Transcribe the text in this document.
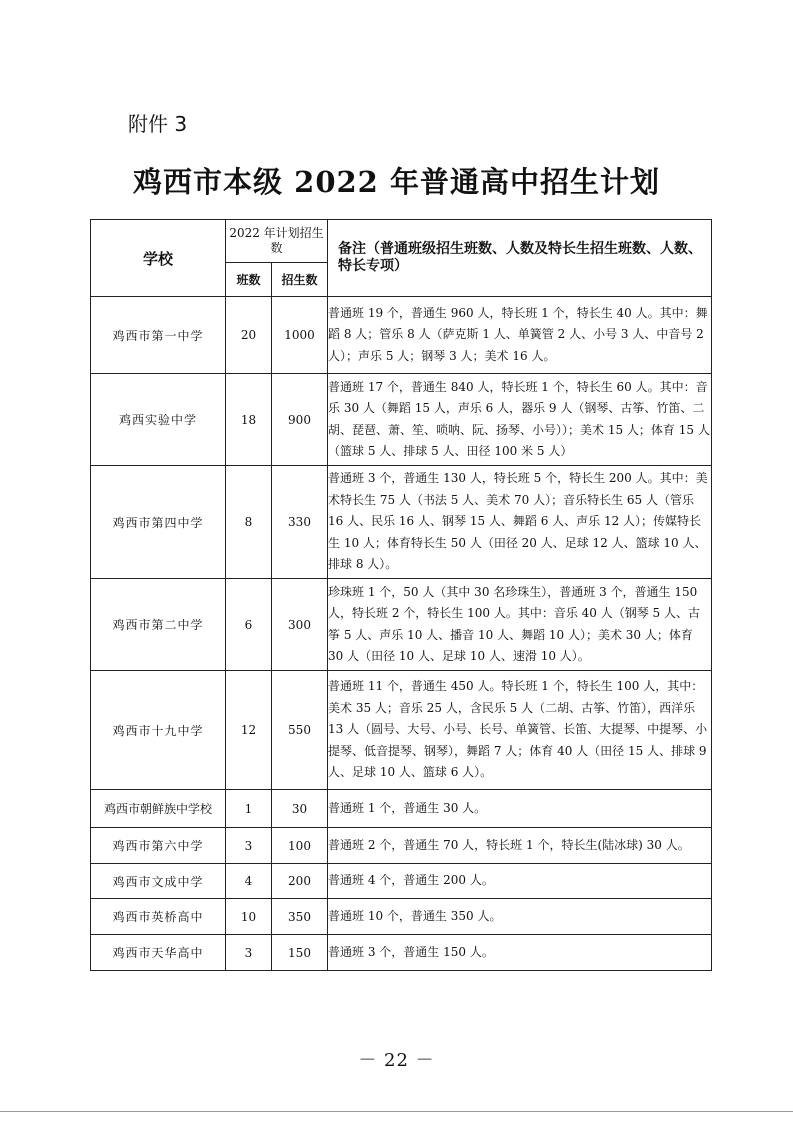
附件 3
鸡西市本级 2022 年普通高中招生计划
学校	2022 年计划招生数		备注（普通班级招生班数、人数及特长生招生班数、人数、特长专项）
	班数	招生数	
鸡西市第一中学	20	1000	普通班 19 个，普通生 960 人，特长班 1 个，特长生 40 人。其中：舞蹈 8 人；管乐 8 人（萨克斯 1 人、单簧管 2 人、小号 3 人、中音号 2 人）；声乐 5 人；钢琴 3 人；美术 16 人。
鸡西实验中学	18	900	普通班 17 个，普通生 840 人，特长班 1 个，特长生 60 人。其中：音乐 30 人（舞蹈 15 人，声乐 6 人，器乐 9 人（钢琴、古筝、竹笛、二胡、琵琶、萧、笙、唢呐、阮、扬琴、小号））；美术 15 人；体育 15 人（篮球 5 人、排球 5 人、田径 100 米 5 人）
鸡西市第四中学	8	330	普通班 3 个，普通生 130 人，特长班 5 个，特长生 200 人。其中：美术特长生 75 人（书法 5 人、美术 70 人）；音乐特长生 65 人（管乐 16 人、民乐 16 人、钢琴 15 人、舞蹈 6 人、声乐 12 人）；传媒特长生 10 人；体育特长生 50 人（田径 20 人、足球 12 人、篮球 10 人、排球 8 人）。
鸡西市第二中学	6	300	珍珠班 1 个，50 人（其中 30 名珍珠生），普通班 3 个，普通生 150 人，特长班 2 个，特长生 100 人。其中：音乐 40 人（钢琴 5 人、古筝 5 人、声乐 10 人、播音 10 人、舞蹈 10 人）；美术 30 人；体育 30 人（田径 10 人、足球 10 人、速滑 10 人）。
鸡西市十九中学	12	550	普通班 11 个，普通生 450 人。特长班 1 个，特长生 100 人，其中：美术 35 人；音乐 25 人，含民乐 5 人（二胡、古筝、竹笛），西洋乐 13 人（圆号、大号、小号、长号、单簧管、长笛、大提琴、中提琴、小提琴、低音提琴、钢琴），舞蹈 7 人；体育 40 人（田径 15 人、排球 9 人、足球 10 人、篮球 6 人）。
鸡西市朝鲜族中学校	1	30	普通班 1 个，普通生 30 人。
鸡西市第六中学	3	100	普通班 2 个，普通生 70 人，特长班 1 个，特长生(陆冰球) 30 人。
鸡西市文成中学	4	200	普通班 4 个，普通生 200 人。
鸡西市英桥高中	10	350	普通班 10 个，普通生 350 人。
鸡西市天华高中	3	150	普通班 3 个，普通生 150 人。
－ 22 －
